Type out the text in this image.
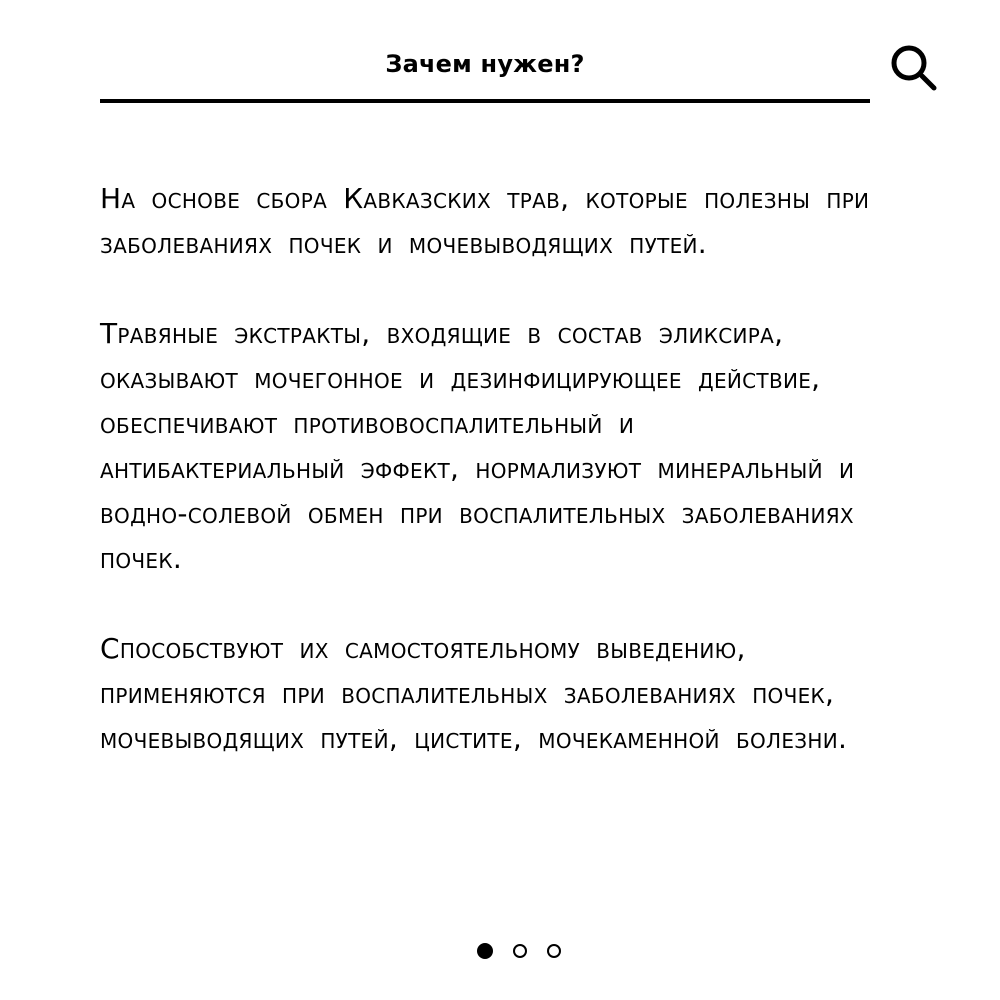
Зачем нужен?

На основе сбора Кавказских трав, которые полезны при заболеваниях почек и мочевыводящих путей.

Травяные экстракты, входящие в состав эликсира, оказывают мочегонное и дезинфицирующее действие, обеспечивают противовоспалительный и антибактериальный эффект, нормализуют минеральный и водно-солевой обмен при воспалительных заболеваниях почек.

Способствуют их самостоятельному выведению, применяются при воспалительных заболеваниях почек, мочевыводящих путей, цистите, мочекаменной болезни.
